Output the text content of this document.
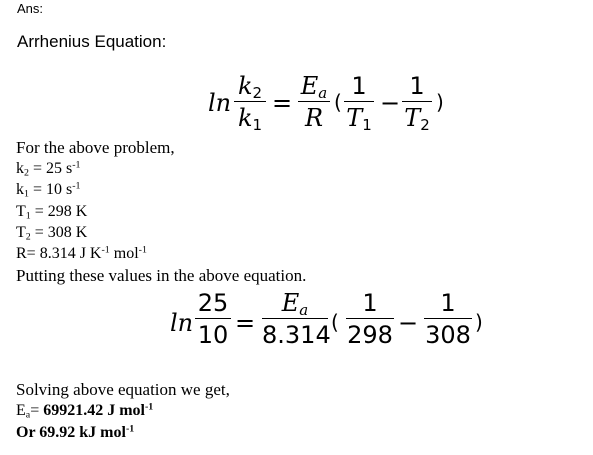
Ans:
Arrhenius Equation:
ln
$k_2$
$k_1$
=
$E_a$
R
(
1
$T_1$
−
1
$T_2$
)
For the above problem,
$k_2 = 25$ $s^{-1}$
$k_1 = 10$ $s^{-1}$
$T_1 = 298$ K
$T_2 = 308$ K
R= 8.314 J $K^{-1}$ mol$^{-1}$
Putting these values in the above equation.
ln
25
10 =
$E_a$
8.314 (
1
298 −
1
308 )
Solving above equation we get,
$E_a= 69921.42$ J mol$^{-1}$
Or 69.92 kJ mol$^{-1}$
